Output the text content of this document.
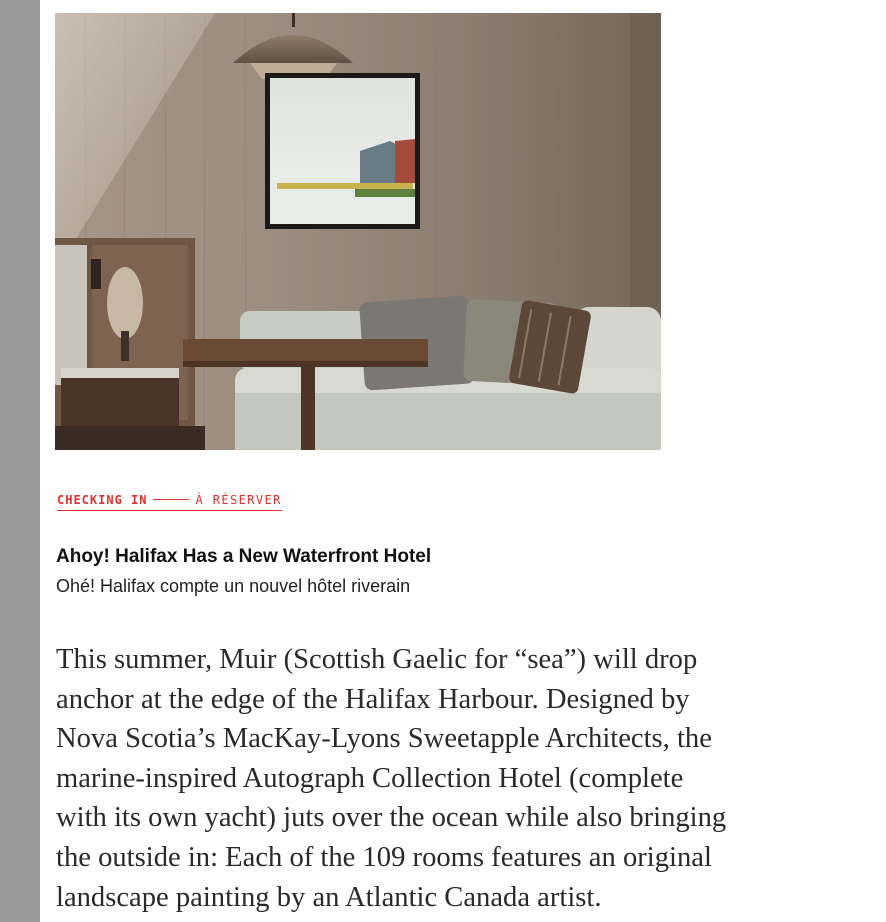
CHECKING IN	À RÉSERVER
Ahoy! Halifax Has a New Waterfront Hotel
Ohé! Halifax compte un nouvel hôtel riverain
This summer, Muir (Scottish Gaelic for “sea”) will drop
anchor at the edge of the Halifax Harbour. Designed by
Nova Scotia’s MacKay-Lyons Sweetapple Architects, the
marine-inspired Autograph Collection Hotel (complete
with its own yacht) juts over the ocean while also bringing
the outside in: Each of the 109 rooms features an original
landscape painting by an Atlantic Canada artist.
